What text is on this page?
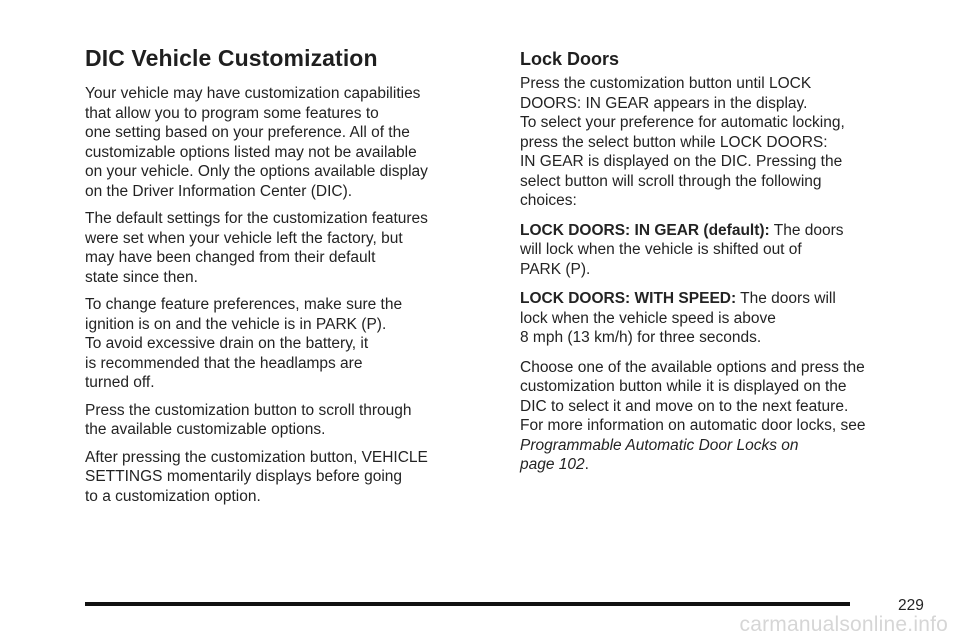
DIC Vehicle Customization

Your vehicle may have customization capabilities
that allow you to program some features to
one setting based on your preference. All of the
customizable options listed may not be available
on your vehicle. Only the options available display
on the Driver Information Center (DIC).

The default settings for the customization features
were set when your vehicle left the factory, but
may have been changed from their default
state since then.

To change feature preferences, make sure the
ignition is on and the vehicle is in PARK (P).
To avoid excessive drain on the battery, it
is recommended that the headlamps are
turned off.

Press the customization button to scroll through
the available customizable options.

After pressing the customization button, VEHICLE
SETTINGS momentarily displays before going
to a customization option.

Lock Doors

Press the customization button until LOCK
DOORS: IN GEAR appears in the display.
To select your preference for automatic locking,
press the select button while LOCK DOORS:
IN GEAR is displayed on the DIC. Pressing the
select button will scroll through the following
choices:

LOCK DOORS: IN GEAR (default): The doors
will lock when the vehicle is shifted out of
PARK (P).

LOCK DOORS: WITH SPEED: The doors will
lock when the vehicle speed is above
8 mph (13 km/h) for three seconds.

Choose one of the available options and press the
customization button while it is displayed on the
DIC to select it and move on to the next feature.
For more information on automatic door locks, see
Programmable Automatic Door Locks on
page 102.

229
carmanualsonline.info
